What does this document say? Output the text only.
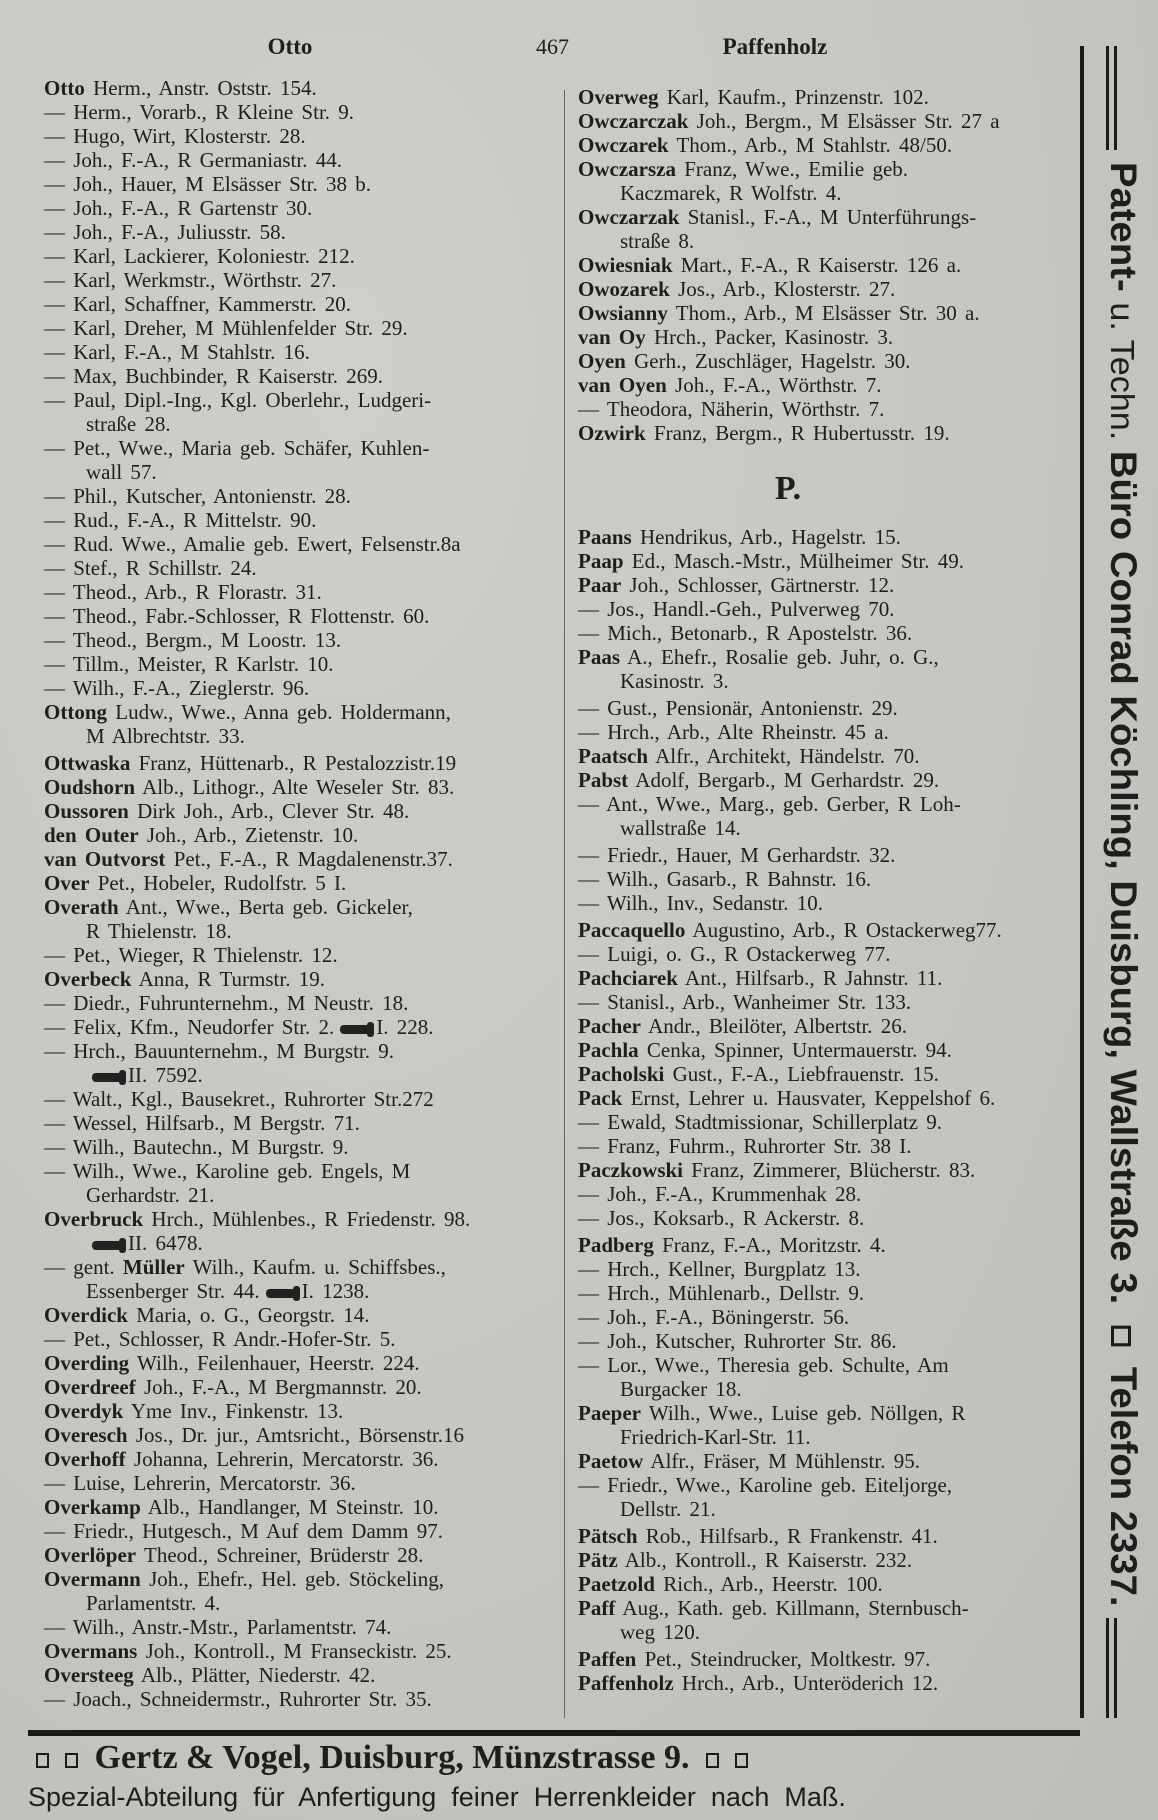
Otto	467	Paffenholz
Otto Herm., Anstr. Oststr. 154.
— Herm., Vorarb., R Kleine Str. 9.
— Hugo, Wirt, Klosterstr. 28.
— Joh., F.-A., R Germaniastr. 44.
— Joh., Hauer, M Elsässer Str. 38 b.
— Joh., F.-A., R Gartenstr 30.
— Joh., F.-A., Juliusstr. 58.
— Karl, Lackierer, Koloniestr. 212.
— Karl, Werkmstr., Wörthstr. 27.
— Karl, Schaffner, Kammerstr. 20.
— Karl, Dreher, M Mühlenfelder Str. 29.
— Karl, F.-A., M Stahlstr. 16.
— Max, Buchbinder, R Kaiserstr. 269.
— Paul, Dipl.-Ing., Kgl. Oberlehr., Ludgeri-
straße 28.
— Pet., Wwe., Maria geb. Schäfer, Kuhlen-
wall 57.
— Phil., Kutscher, Antonienstr. 28.
— Rud., F.-A., R Mittelstr. 90.
— Rud. Wwe., Amalie geb. Ewert, Felsenstr.8a
— Stef., R Schillstr. 24.
— Theod., Arb., R Florastr. 31.
— Theod., Fabr.-Schlosser, R Flottenstr. 60.
— Theod., Bergm., M Loostr. 13.
— Tillm., Meister, R Karlstr. 10.
— Wilh., F.-A., Zieglerstr. 96.
Ottong Ludw., Wwe., Anna geb. Holdermann,
M Albrechtstr. 33.
Ottwaska Franz, Hüttenarb., R Pestalozzistr.19
Oudshorn Alb., Lithogr., Alte Weseler Str. 83.
Oussoren Dirk Joh., Arb., Clever Str. 48.
den Outer Joh., Arb., Zietenstr. 10.
van Outvorst Pet., F.-A., R Magdalenenstr.37.
Over Pet., Hobeler, Rudolfstr. 5 I.
Overath Ant., Wwe., Berta geb. Gickeler,
R Thielenstr. 18.
— Pet., Wieger, R Thielenstr. 12.
Overbeck Anna, R Turmstr. 19.
— Diedr., Fuhrunternehm., M Neustr. 18.
— Felix, Kfm., Neudorfer Str. 2. I. 228.
— Hrch., Bauunternehm., M Burgstr. 9.
II. 7592.
— Walt., Kgl., Bausekret., Ruhrorter Str.272
— Wessel, Hilfsarb., M Bergstr. 71.
— Wilh., Bautechn., M Burgstr. 9.
— Wilh., Wwe., Karoline geb. Engels, M
Gerhardstr. 21.
Overbruck Hrch., Mühlenbes., R Friedenstr. 98.
II. 6478.
— gent. Müller Wilh., Kaufm. u. Schiffsbes.,
Essenberger Str. 44. I. 1238.
Overdick Maria, o. G., Georgstr. 14.
— Pet., Schlosser, R Andr.-Hofer-Str. 5.
Overding Wilh., Feilenhauer, Heerstr. 224.
Overdreef Joh., F.-A., M Bergmannstr. 20.
Overdyk Yme Inv., Finkenstr. 13.
Overesch Jos., Dr. jur., Amtsricht., Börsenstr.16
Overhoff Johanna, Lehrerin, Mercatorstr. 36.
— Luise, Lehrerin, Mercatorstr. 36.
Overkamp Alb., Handlanger, M Steinstr. 10.
— Friedr., Hutgesch., M Auf dem Damm 97.
Overlöper Theod., Schreiner, Brüderstr 28.
Overmann Joh., Ehefr., Hel. geb. Stöckeling,
Parlamentstr. 4.
— Wilh., Anstr.-Mstr., Parlamentstr. 74.
Overmans Joh., Kontroll., M Franseckistr. 25.
Oversteeg Alb., Plätter, Niederstr. 42.
— Joach., Schneidermstr., Ruhrorter Str. 35.
Overweg Karl, Kaufm., Prinzenstr. 102.
Owczarczak Joh., Bergm., M Elsässer Str. 27 a
Owczarek Thom., Arb., M Stahlstr. 48/50.
Owczarsza Franz, Wwe., Emilie geb.
Kaczmarek, R Wolfstr. 4.
Owczarzak Stanisl., F.-A., M Unterführungs-
straße 8.
Owiesniak Mart., F.-A., R Kaiserstr. 126 a.
Owozarek Jos., Arb., Klosterstr. 27.
Owsianny Thom., Arb., M Elsässer Str. 30 a.
van Oy Hrch., Packer, Kasinostr. 3.
Oyen Gerh., Zuschläger, Hagelstr. 30.
van Oyen Joh., F.-A., Wörthstr. 7.
— Theodora, Näherin, Wörthstr. 7.
Ozwirk Franz, Bergm., R Hubertusstr. 19.
P.
Paans Hendrikus, Arb., Hagelstr. 15.
Paap Ed., Masch.-Mstr., Mülheimer Str. 49.
Paar Joh., Schlosser, Gärtnerstr. 12.
— Jos., Handl.-Geh., Pulverweg 70.
— Mich., Betonarb., R Apostelstr. 36.
Paas A., Ehefr., Rosalie geb. Juhr, o. G.,
Kasinostr. 3.
— Gust., Pensionär, Antonienstr. 29.
— Hrch., Arb., Alte Rheinstr. 45 a.
Paatsch Alfr., Architekt, Händelstr. 70.
Pabst Adolf, Bergarb., M Gerhardstr. 29.
— Ant., Wwe., Marg., geb. Gerber, R Loh-
wallstraße 14.
— Friedr., Hauer, M Gerhardstr. 32.
— Wilh., Gasarb., R Bahnstr. 16.
— Wilh., Inv., Sedanstr. 10.
Paccaquello Augustino, Arb., R Ostackerweg77.
— Luigi, o. G., R Ostackerweg 77.
Pachciarek Ant., Hilfsarb., R Jahnstr. 11.
— Stanisl., Arb., Wanheimer Str. 133.
Pacher Andr., Bleilöter, Albertstr. 26.
Pachla Cenka, Spinner, Untermauerstr. 94.
Pacholski Gust., F.-A., Liebfrauenstr. 15.
Pack Ernst, Lehrer u. Hausvater, Keppelshof 6.
— Ewald, Stadtmissionar, Schillerplatz 9.
— Franz, Fuhrm., Ruhrorter Str. 38 I.
Paczkowski Franz, Zimmerer, Blücherstr. 83.
— Joh., F.-A., Krummenhak 28.
— Jos., Koksarb., R Ackerstr. 8.
Padberg Franz, F.-A., Moritzstr. 4.
— Hrch., Kellner, Burgplatz 13.
— Hrch., Mühlenarb., Dellstr. 9.
— Joh., F.-A., Böningerstr. 56.
— Joh., Kutscher, Ruhrorter Str. 86.
— Lor., Wwe., Theresia geb. Schulte, Am
Burgacker 18.
Paeper Wilh., Wwe., Luise geb. Nöllgen, R
Friedrich-Karl-Str. 11.
Paetow Alfr., Fräser, M Mühlenstr. 95.
— Friedr., Wwe., Karoline geb. Eiteljorge,
Dellstr. 21.
Pätsch Rob., Hilfsarb., R Frankenstr. 41.
Pätz Alb., Kontroll., R Kaiserstr. 232.
Paetzold Rich., Arb., Heerstr. 100.
Paff Aug., Kath. geb. Killmann, Sternbusch-
weg 120.
Paffen Pet., Steindrucker, Moltkestr. 97.
Paffenholz Hrch., Arb., Unteröderich 12.
Patent- u. Techn. Büro Conrad Köchling, Duisburg, Wallstraße 3.  Telefon 2337.
Gertz & Vogel, Duisburg, Münzstrasse 9.
Spezial-Abteilung  für  Anfertigung  feiner  Herrenkleider  nach  Maß.
